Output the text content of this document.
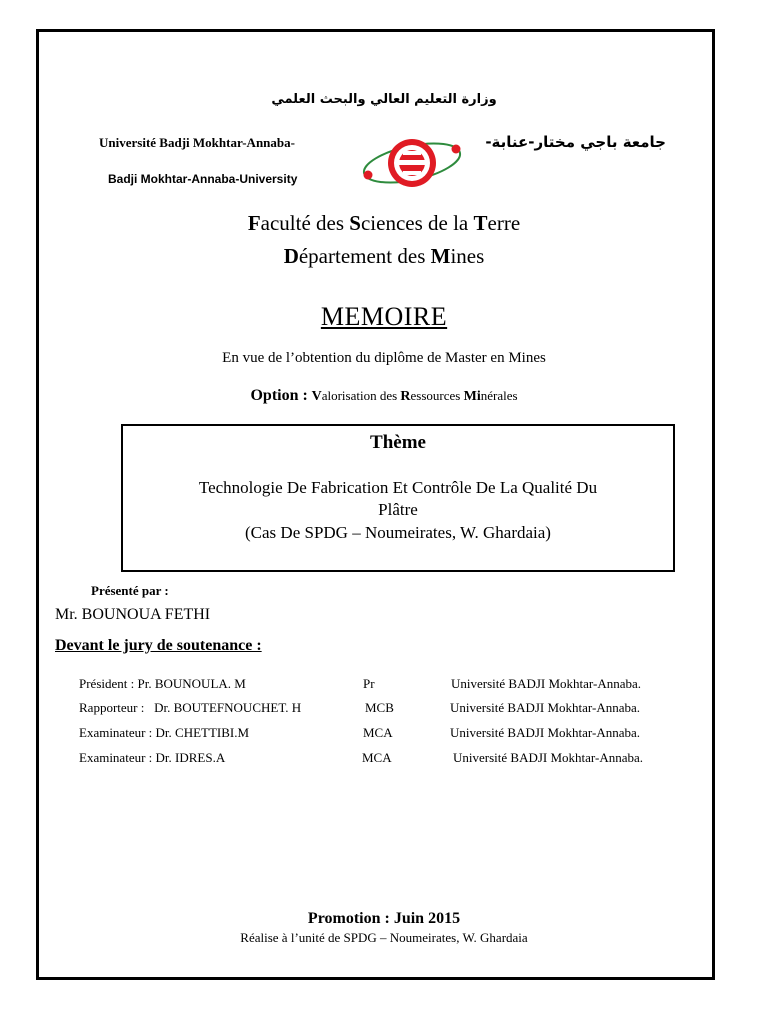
وزارة التعليم العالي والبحث العلمي
Université Badji Mokhtar-Annaba-
Badji Mokhtar-Annaba-University
جامعة باجي مختار-عنابة-
Faculté des Sciences de la Terre
Département des Mines
MEMOIRE
En vue de l’obtention du diplôme de Master en Mines
Option : Valorisation des Ressources Minérales
Thème
Technologie De Fabrication Et Contrôle De La Qualité Du
Plâtre
(Cas De SPDG – Noumeirates, W. Ghardaia)
Présenté par :
Mr. BOUNOUA FETHI
Devant le jury de soutenance :
Président : Pr. BOUNOULA. M	Pr	Université BADJI Mokhtar-Annaba.
Rapporteur :   Dr. BOUTEFNOUCHET. H	MCB	Université BADJI Mokhtar-Annaba.
Examinateur : Dr. CHETTIBI.M	MCA	Université BADJI Mokhtar-Annaba.
Examinateur : Dr. IDRES.A	MCA	Université BADJI Mokhtar-Annaba.
Promotion : Juin 2015
Réalise à l’unité de SPDG – Noumeirates, W. Ghardaia
